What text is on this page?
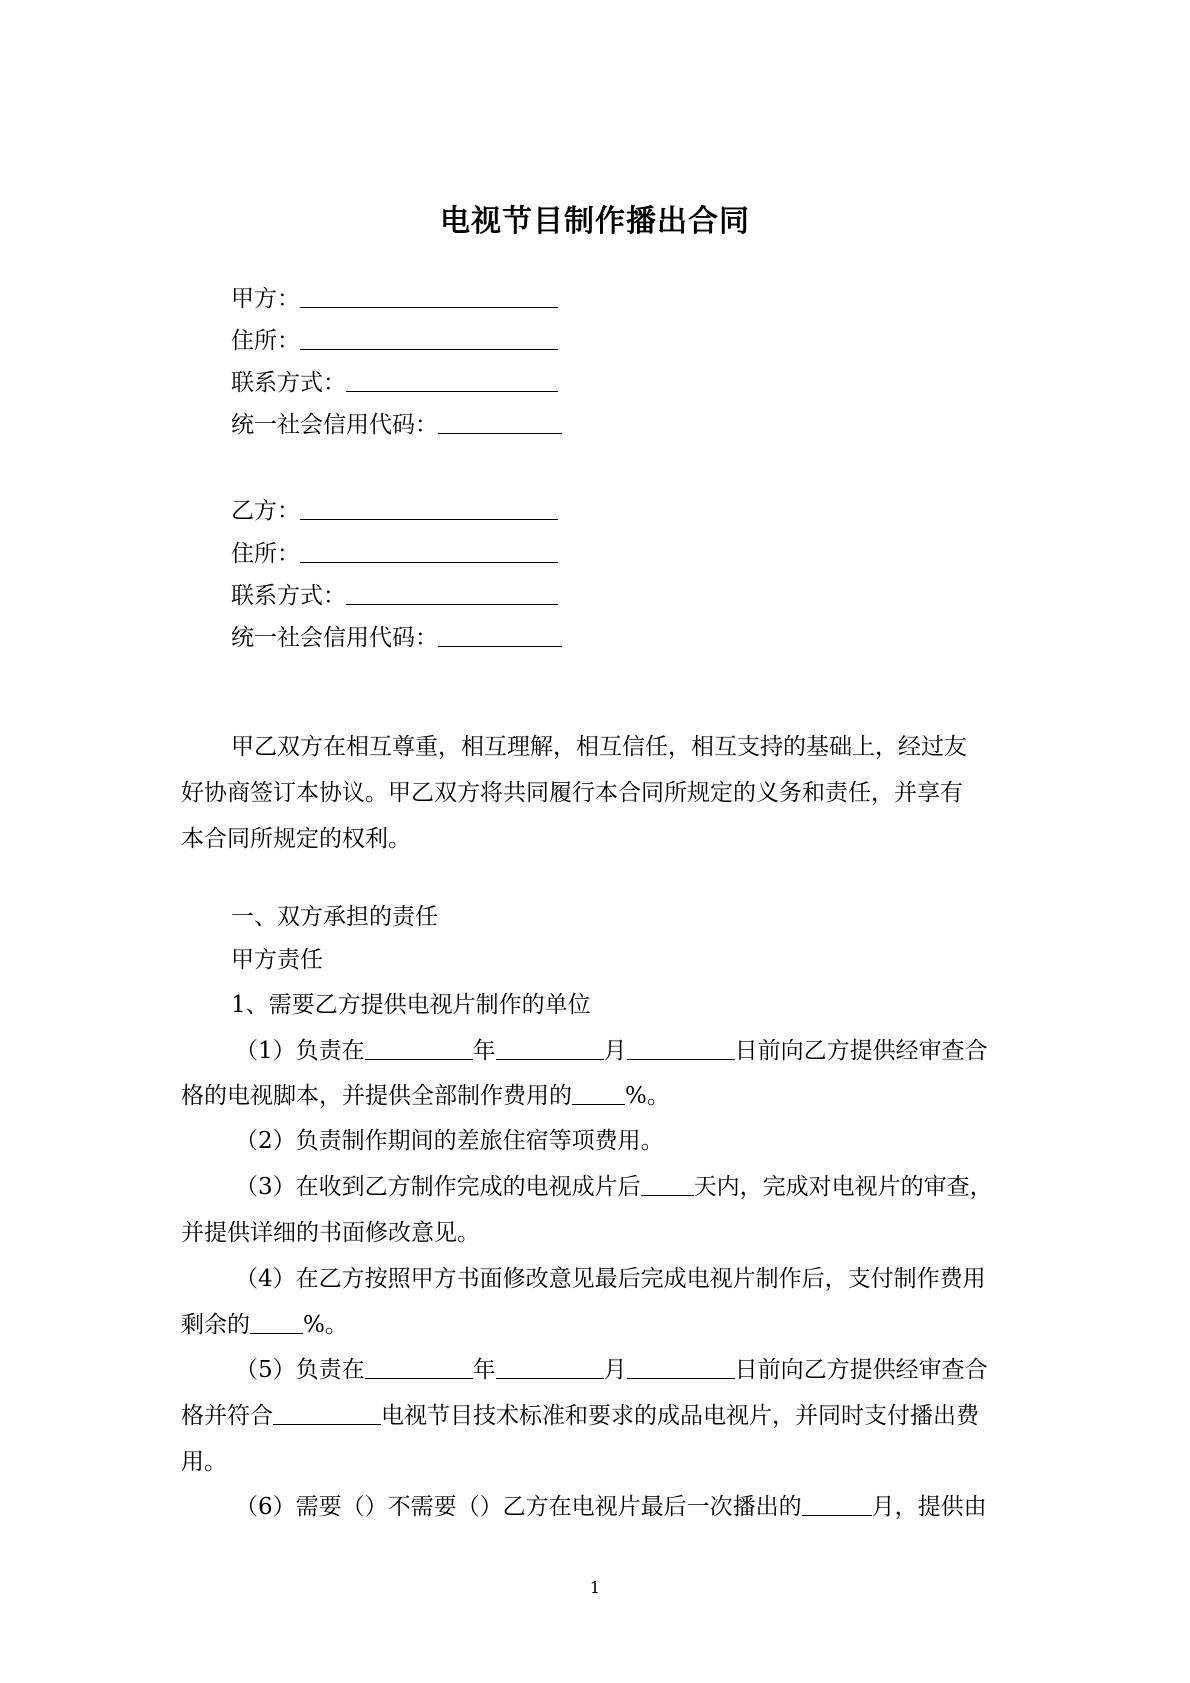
电视节目制作播出合同
甲方：
住所：
联系方式：
统一社会信用代码：
乙方：
住所：
联系方式：
统一社会信用代码：
甲乙双方在相互尊重，相互理解，相互信任，相互支持的基础上，经过友
好协商签订本协议。甲乙双方将共同履行本合同所规定的义务和责任，并享有
本合同所规定的权利。
一、双方承担的责任
甲方责任
1、需要乙方提供电视片制作的单位
（1）负责在	年	月	日前向乙方提供经审查合
格的电视脚本，并提供全部制作费用的 %。
（2）负责制作期间的差旅住宿等项费用。
（3）在收到乙方制作完成的电视成片后 天内，完成对电视片的审查，
并提供详细的书面修改意见。
（4）在乙方按照甲方书面修改意见最后完成电视片制作后，支付制作费用
剩余的 %。
（5）负责在	年	月	日前向乙方提供经审查合
格并符合	电视节目技术标准和要求的成品电视片，并同时支付播出费
用。
（6）需要（）不需要（）乙方在电视片最后一次播出的	月，提供由
1
